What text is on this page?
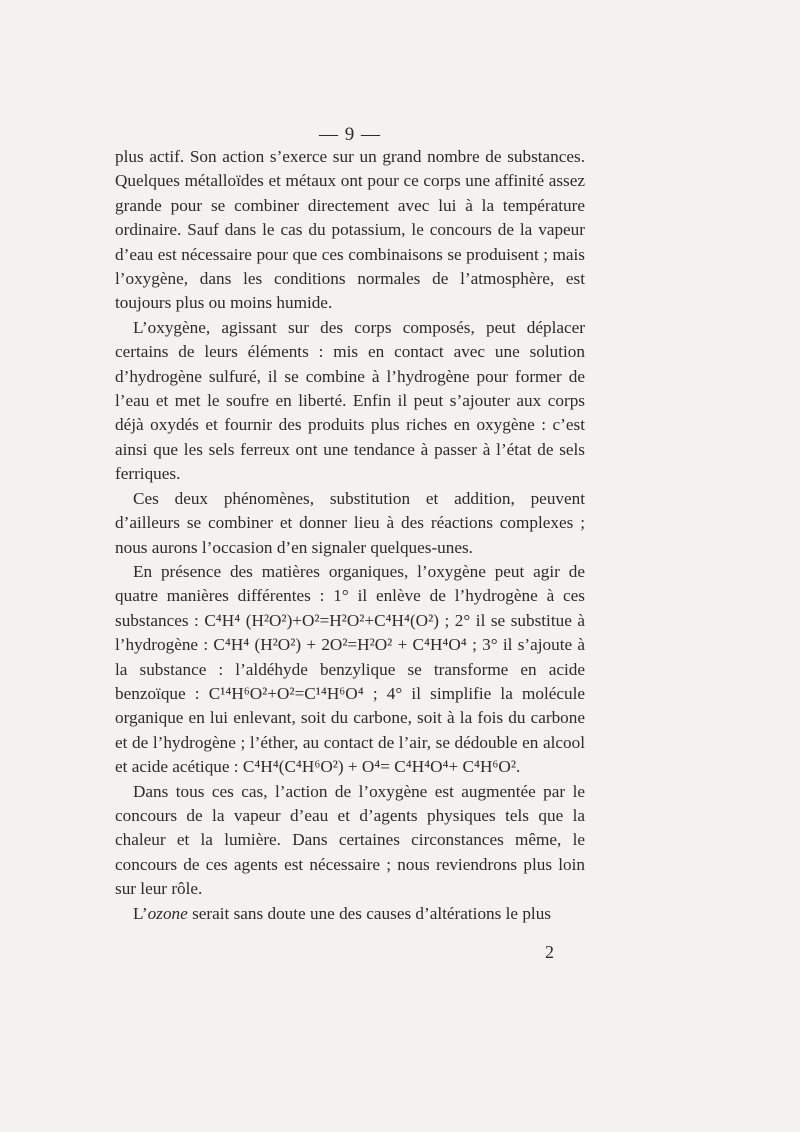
— 9 —

plus actif. Son action s’exerce sur un grand nombre de substances. Quelques métalloïdes et métaux ont pour ce corps une affinité assez grande pour se combiner directement avec lui à la température ordinaire. Sauf dans le cas du potassium, le concours de la vapeur d’eau est nécessaire pour que ces combinaisons se produisent ; mais l’oxygène, dans les conditions normales de l’atmosphère, est toujours plus ou moins humide.

L’oxygène, agissant sur des corps composés, peut déplacer certains de leurs éléments : mis en contact avec une solution d’hydrogène sulfuré, il se combine à l’hydrogène pour former de l’eau et met le soufre en liberté. Enfin il peut s’ajouter aux corps déjà oxydés et fournir des produits plus riches en oxygène : c’est ainsi que les sels ferreux ont une tendance à passer à l’état de sels ferriques.

Ces deux phénomènes, substitution et addition, peuvent d’ailleurs se combiner et donner lieu à des réactions complexes ; nous aurons l’occasion d’en signaler quelques-unes.

En présence des matières organiques, l’oxygène peut agir de quatre manières différentes : 1° il enlève de l’hydrogène à ces substances : C⁴H⁴ (H²O²)+O²=H²O²+C⁴H⁴(O²) ; 2° il se substitue à l’hydrogène : C⁴H⁴ (H²O²) + 2O²=H²O² + C⁴H⁴O⁴ ; 3° il s’ajoute à la substance : l’aldéhyde benzylique se transforme en acide benzoïque : C¹⁴H⁶O²+O²=C¹⁴H⁶O⁴ ; 4° il simplifie la molécule organique en lui enlevant, soit du carbone, soit à la fois du carbone et de l’hydrogène ; l’éther, au contact de l’air, se dédouble en alcool et acide acétique : C⁴H⁴(C⁴H⁶O²) + O⁴= C⁴H⁴O⁴+ C⁴H⁶O².

Dans tous ces cas, l’action de l’oxygène est augmentée par le concours de la vapeur d’eau et d’agents physiques tels que la chaleur et la lumière. Dans certaines circonstances même, le concours de ces agents est nécessaire ; nous reviendrons plus loin sur leur rôle.

L’ozone serait sans doute une des causes d’altérations le plus

2
